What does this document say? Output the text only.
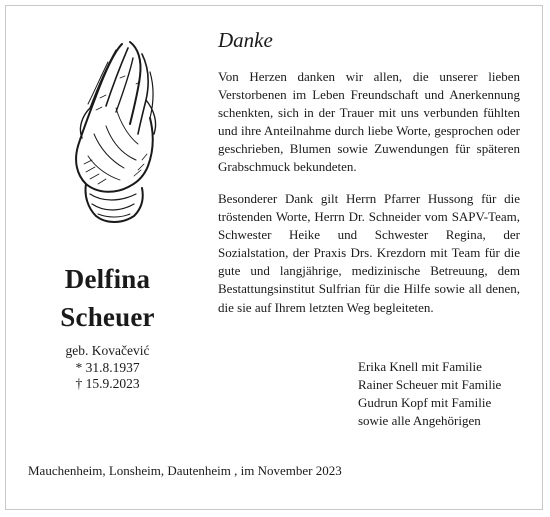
Delfina
Scheuer
geb. Kovačević
* 31.8.1937
† 15.9.2023
Danke

Von Herzen danken wir allen, die unserer lieben Verstorbenen im Leben Freundschaft und Anerkennung schenkten, sich in der Trauer mit uns verbunden fühlten und ihre Anteilnahme durch liebe Worte, gesprochen oder geschrieben, Blumen sowie Zuwendungen für späteren Grabschmuck bekundeten.

Besonderer Dank gilt Herrn Pfarrer Hussong für die tröstenden Worte, Herrn Dr. Schneider vom SAPV-Team, Schwester Heike und Schwester Regina, der Sozialstation, der Praxis Drs. Krezdorn mit Team für die gute und langjährige, medizinische Betreuung, dem Bestattungsinstitut Sulfrian für die Hilfe sowie all denen, die sie auf Ihrem letzten Weg begleiteten.

Erika Knell mit Familie
Rainer Scheuer mit Familie
Gudrun Kopf mit Familie
sowie alle Angehörigen
Mauchenheim, Lonsheim, Dautenheim , im November 2023
